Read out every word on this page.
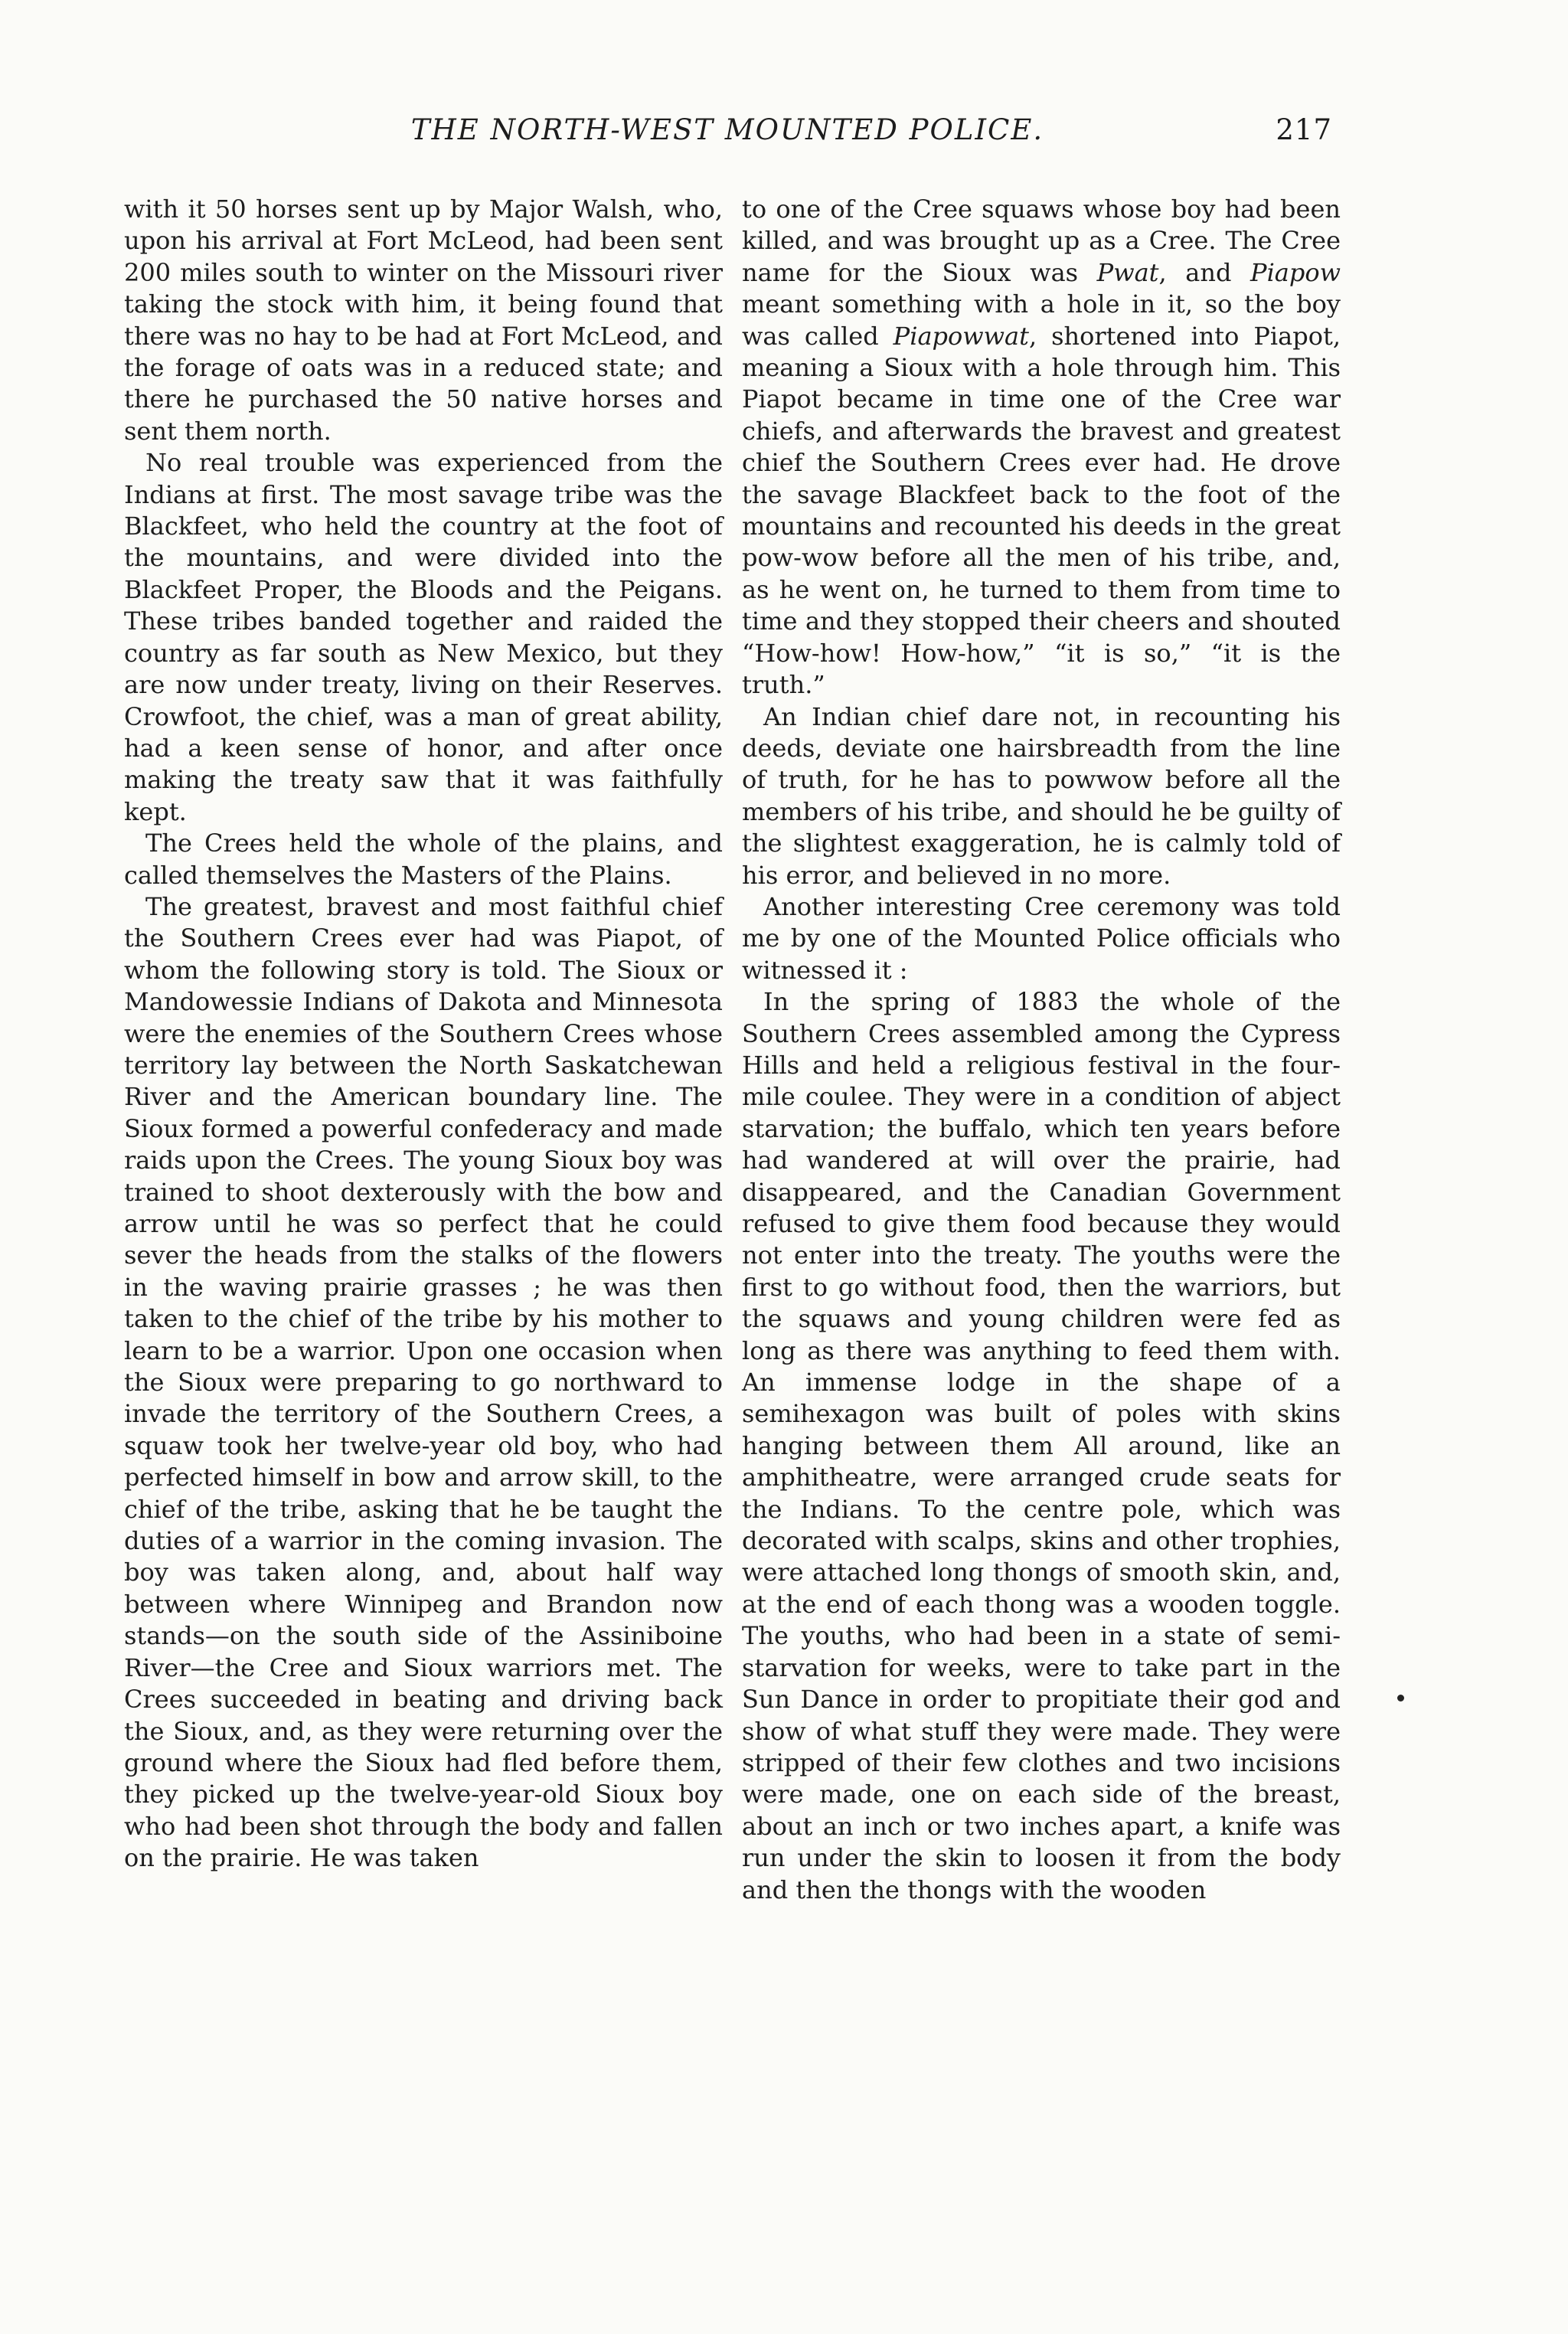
THE NORTH-WEST MOUNTED POLICE.	217

with it 50 horses sent up by Major Walsh, who, upon his arrival at Fort McLeod, had been sent 200 miles south to winter on the Missouri river taking the stock with him, it being found that there was no hay to be had at Fort McLeod, and the forage of oats was in a reduced state; and there he purchased the 50 native horses and sent them north.

No real trouble was experienced from the Indians at first. The most savage tribe was the Blackfeet, who held the country at the foot of the mountains, and were divided into the Blackfeet Proper, the Bloods and the Peigans. These tribes banded together and raided the country as far south as New Mexico, but they are now under treaty, living on their Reserves. Crowfoot, the chief, was a man of great ability, had a keen sense of honor, and after once making the treaty saw that it was faithfully kept.

The Crees held the whole of the plains, and called themselves the Masters of the Plains.

The greatest, bravest and most faithful chief the Southern Crees ever had was Piapot, of whom the following story is told. The Sioux or Mandowessie Indians of Dakota and Minnesota were the enemies of the Southern Crees whose territory lay between the North Saskatchewan River and the American boundary line. The Sioux formed a powerful confederacy and made raids upon the Crees. The young Sioux boy was trained to shoot dexterously with the bow and arrow until he was so perfect that he could sever the heads from the stalks of the flowers in the waving prairie grasses ; he was then taken to the chief of the tribe by his mother to learn to be a warrior. Upon one occasion when the Sioux were preparing to go northward to invade the territory of the Southern Crees, a squaw took her twelve-year old boy, who had perfected himself in bow and arrow skill, to the chief of the tribe, asking that he be taught the duties of a warrior in the coming invasion. The boy was taken along, and, about half way between where Winnipeg and Brandon now stands—on the south side of the Assiniboine River—the Cree and Sioux warriors met. The Crees succeeded in beating and driving back the Sioux, and, as they were returning over the ground where the Sioux had fled before them, they picked up the twelve-year-old Sioux boy who had been shot through the body and fallen on the prairie. He was taken

to one of the Cree squaws whose boy had been killed, and was brought up as a Cree. The Cree name for the Sioux was Pwat, and Piapow meant something with a hole in it, so the boy was called Piapowwat, shortened into Piapot, meaning a Sioux with a hole through him. This Piapot became in time one of the Cree war chiefs, and afterwards the bravest and greatest chief the Southern Crees ever had. He drove the savage Blackfeet back to the foot of the mountains and recounted his deeds in the great pow-wow before all the men of his tribe, and, as he went on, he turned to them from time to time and they stopped their cheers and shouted “How-how! How-how,” “it is so,” “it is the truth.”

An Indian chief dare not, in recounting his deeds, deviate one hairsbreadth from the line of truth, for he has to powwow before all the members of his tribe, and should he be guilty of the slightest exaggeration, he is calmly told of his error, and believed in no more.

Another interesting Cree ceremony was told me by one of the Mounted Police officials who witnessed it :

In the spring of 1883 the whole of the Southern Crees assembled among the Cypress Hills and held a religious festival in the four-mile coulee. They were in a condition of abject starvation; the buffalo, which ten years before had wandered at will over the prairie, had disappeared, and the Canadian Government refused to give them food because they would not enter into the treaty. The youths were the first to go without food, then the warriors, but the squaws and young children were fed as long as there was anything to feed them with. An immense lodge in the shape of a semihexagon was built of poles with skins hanging between them All around, like an amphitheatre, were arranged crude seats for the Indians. To the centre pole, which was decorated with scalps, skins and other trophies, were attached long thongs of smooth skin, and, at the end of each thong was a wooden toggle. The youths, who had been in a state of semi-starvation for weeks, were to take part in the Sun Dance in order to propitiate their god and show of what stuff they were made. They were stripped of their few clothes and two incisions were made, one on each side of the breast, about an inch or two inches apart, a knife was run under the skin to loosen it from the body and then the thongs with the wooden
